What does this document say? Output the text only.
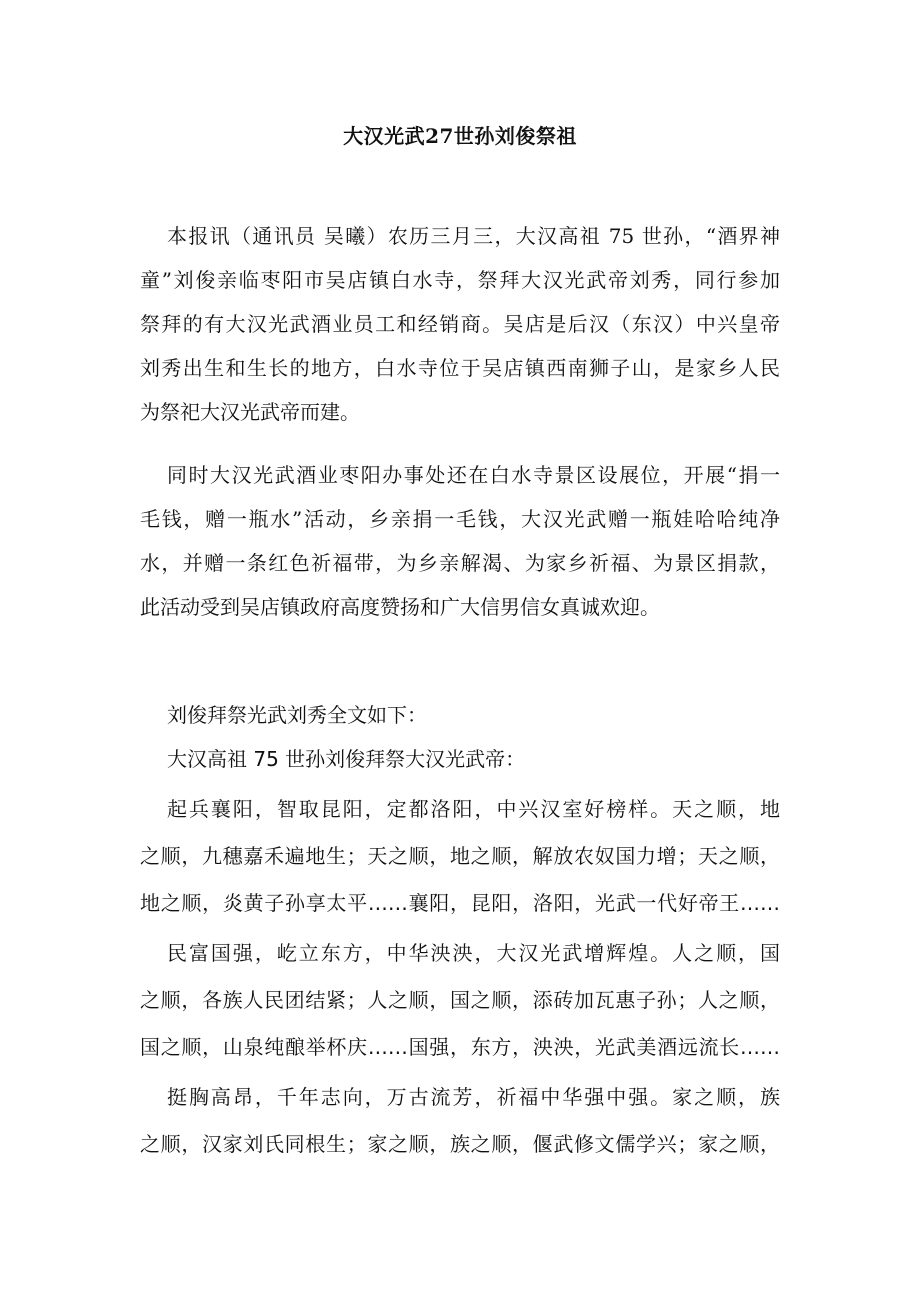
大汉光武27世孙刘俊祭祖
本报讯（通讯员 吴曦）农历三月三，大汉高祖 75 世孙，“酒界神
童”刘俊亲临枣阳市吴店镇白水寺，祭拜大汉光武帝刘秀，同行参加
祭拜的有大汉光武酒业员工和经销商。吴店是后汉（东汉）中兴皇帝
刘秀出生和生长的地方，白水寺位于吴店镇西南狮子山，是家乡人民
为祭祀大汉光武帝而建。
同时大汉光武酒业枣阳办事处还在白水寺景区设展位，开展“捐一
毛钱，赠一瓶水”活动，乡亲捐一毛钱，大汉光武赠一瓶娃哈哈纯净
水，并赠一条红色祈福带，为乡亲解渴、为家乡祈福、为景区捐款，
此活动受到吴店镇政府高度赞扬和广大信男信女真诚欢迎。
刘俊拜祭光武刘秀全文如下：
大汉高祖 75 世孙刘俊拜祭大汉光武帝：
起兵襄阳，智取昆阳，定都洛阳，中兴汉室好榜样。天之顺，地
之顺，九穗嘉禾遍地生；天之顺，地之顺，解放农奴国力增；天之顺，
地之顺，炎黄子孙享太平……襄阳，昆阳，洛阳，光武一代好帝王……
民富国强，屹立东方，中华泱泱，大汉光武增辉煌。人之顺，国
之顺，各族人民团结紧；人之顺，国之顺，添砖加瓦惠子孙；人之顺，
国之顺，山泉纯酿举杯庆……国强，东方，泱泱，光武美酒远流长……
挺胸高昂，千年志向，万古流芳，祈福中华强中强。家之顺，族
之顺，汉家刘氏同根生；家之顺，族之顺，偃武修文儒学兴；家之顺，
